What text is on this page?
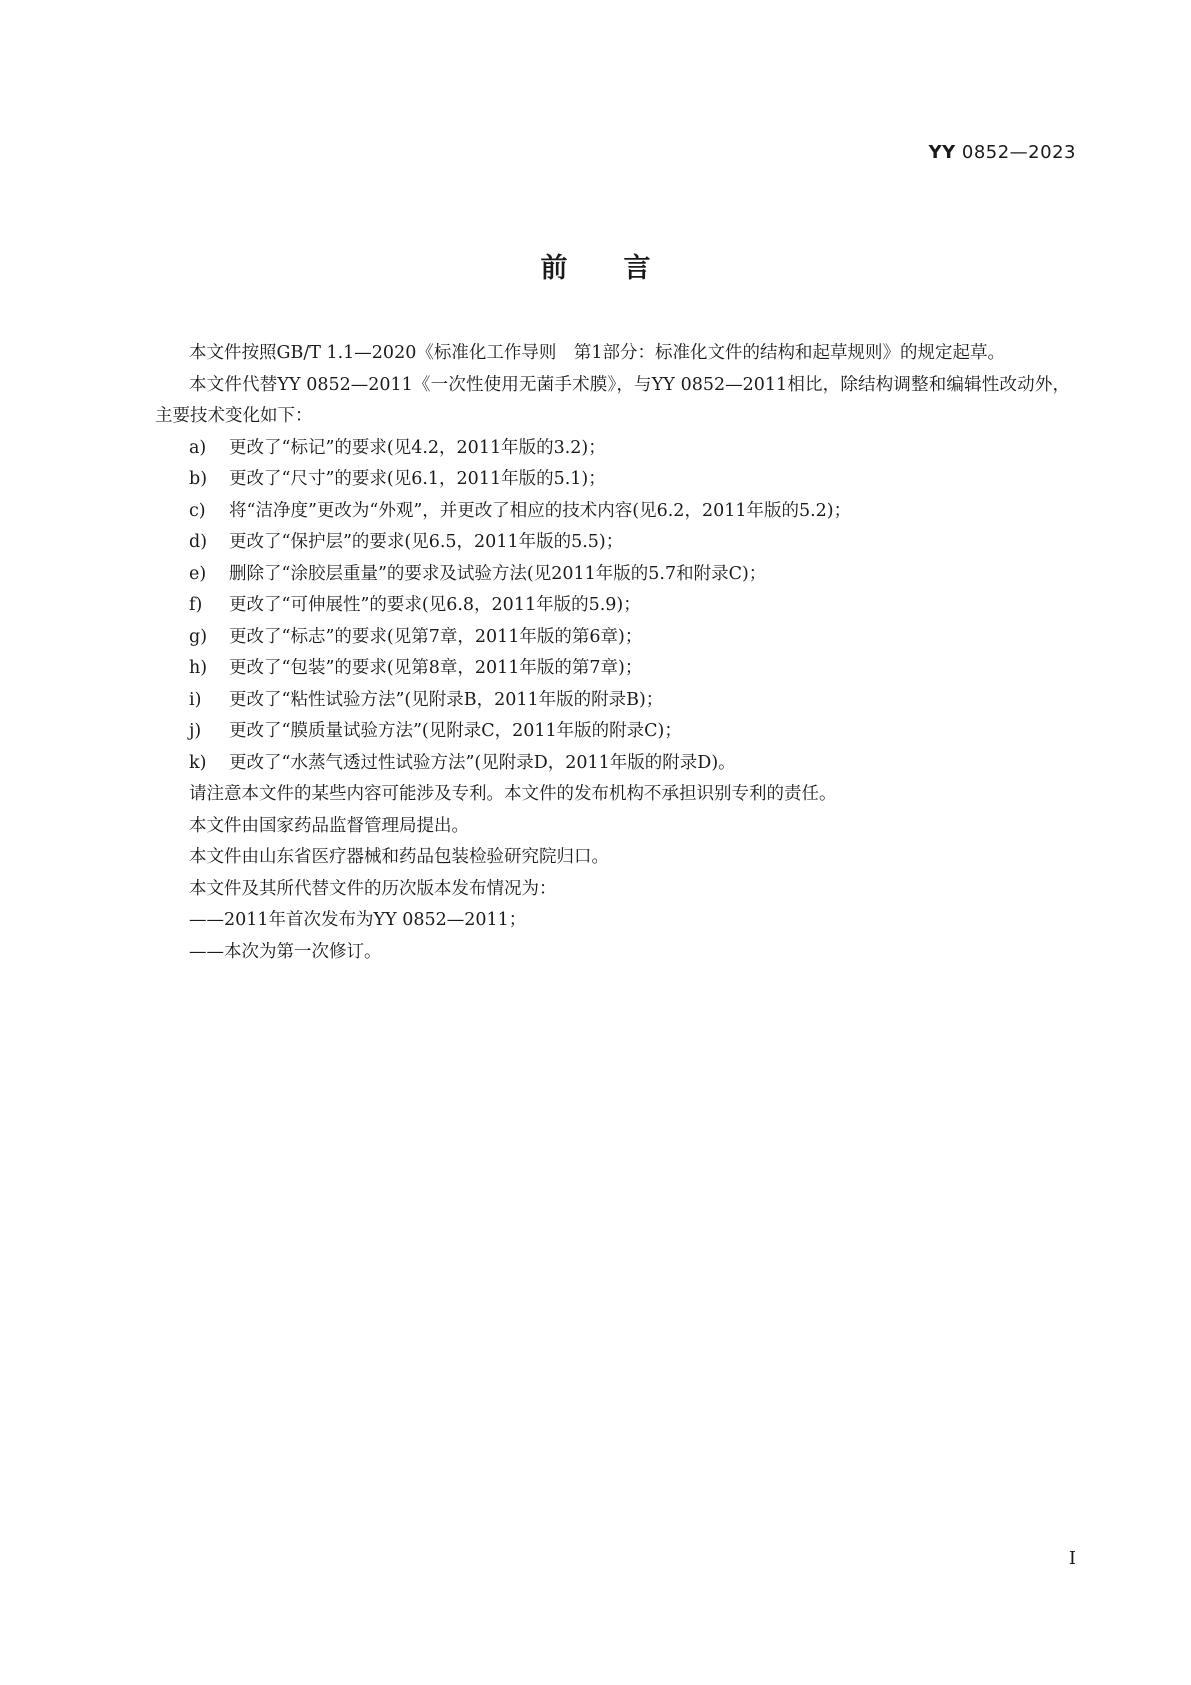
YY 0852—2023
前言

本文件按照GB/T 1.1—2020《标准化工作导则　第1部分：标准化文件的结构和起草规则》的规定起草。

本文件代替YY 0852—2011《一次性使用无菌手术膜》，与YY 0852—2011相比，除结构调整和编辑性改动外，主要技术变化如下：

a)	更改了“标记”的要求(见4.2，2011年版的3.2)；
b)	更改了“尺寸”的要求(见6.1，2011年版的5.1)；
c)	将“洁净度”更改为“外观”，并更改了相应的技术内容(见6.2，2011年版的5.2)；
d)	更改了“保护层”的要求(见6.5，2011年版的5.5)；
e)	删除了“涂胶层重量”的要求及试验方法(见2011年版的5.7和附录C)；
f)	更改了“可伸展性”的要求(见6.8，2011年版的5.9)；
g)	更改了“标志”的要求(见第7章，2011年版的第6章)；
h)	更改了“包装”的要求(见第8章，2011年版的第7章)；
i)	更改了“粘性试验方法”(见附录B，2011年版的附录B)；
j)	更改了“膜质量试验方法”(见附录C，2011年版的附录C)；
k)	更改了“水蒸气透过性试验方法”(见附录D，2011年版的附录D)。

请注意本文件的某些内容可能涉及专利。本文件的发布机构不承担识别专利的责任。

本文件由国家药品监督管理局提出。

本文件由山东省医疗器械和药品包装检验研究院归口。

本文件及其所代替文件的历次版本发布情况为：

——2011年首次发布为YY 0852—2011；
——本次为第一次修订。
I
